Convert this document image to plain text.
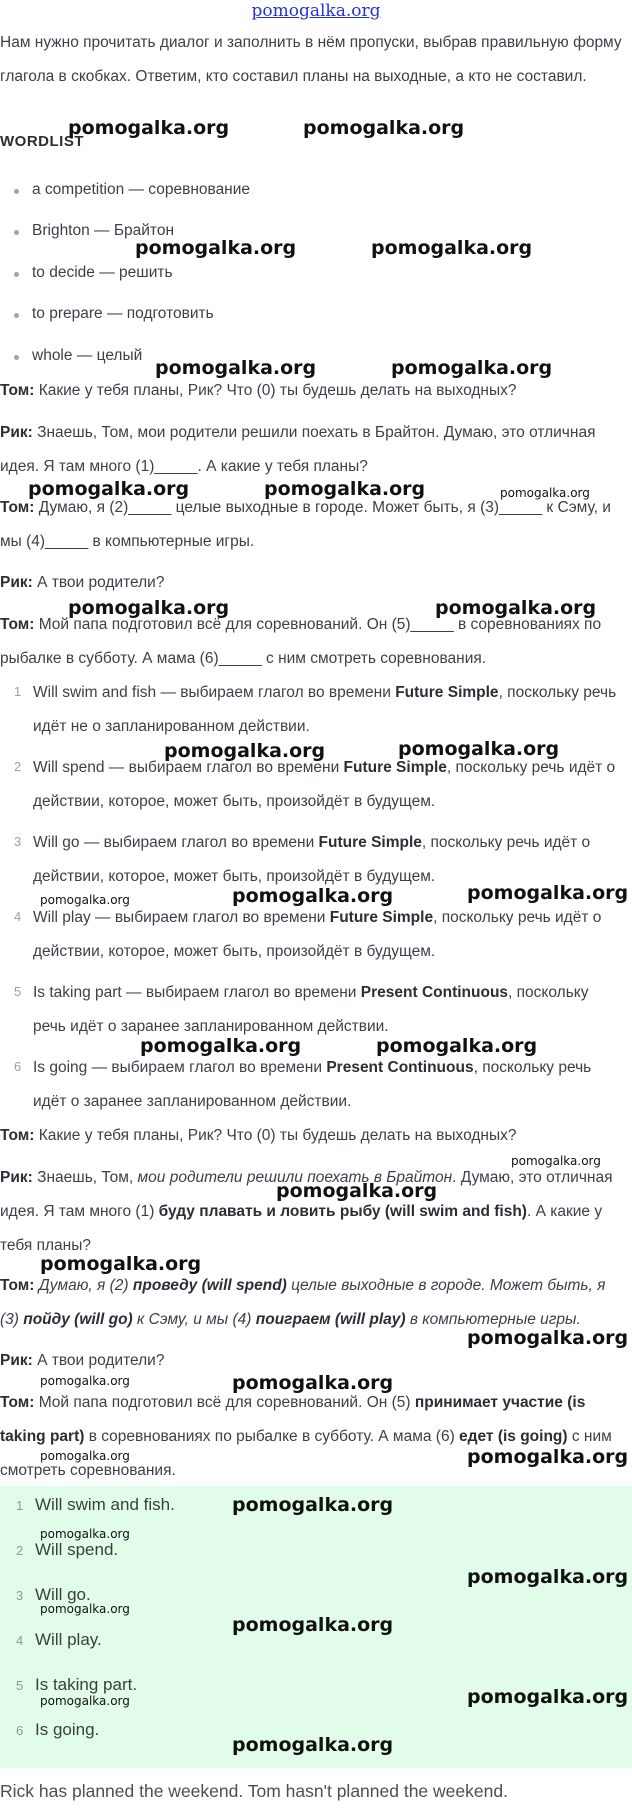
pomogalka.org
Нам нужно прочитать диалог и заполнить в нём пропуски, выбрав правильную форму глагола в скобках. Ответим, кто составил планы на выходные, а кто не составил.
WORDLIST
a competition — соревнование
Brighton — Брайтон
to decide — решить
to prepare — подготовить
whole — целый
Том: Какие у тебя планы, Рик? Что (0) ты будешь делать на выходных?
Рик: Знаешь, Том, мои родители решили поехать в Брайтон. Думаю, это отличная идея. Я там много (1)_____. А какие у тебя планы?
Том: Думаю, я (2)_____ целые выходные в городе. Может быть, я (3)_____ к Сэму, и мы (4)_____ в компьютерные игры.
Рик: А твои родители?
Том: Мой папа подготовил всё для соревнований. Он (5)_____ в соревнованиях по рыбалке в субботу. А мама (6)_____ с ним смотреть соревнования.
1 Will swim and fish — выбираем глагол во времени Future Simple, поскольку речь идёт не о запланированном действии.
2 Will spend — выбираем глагол во времени Future Simple, поскольку речь идёт о действии, которое, может быть, произойдёт в будущем.
3 Will go — выбираем глагол во времени Future Simple, поскольку речь идёт о действии, которое, может быть, произойдёт в будущем.
4 Will play — выбираем глагол во времени Future Simple, поскольку речь идёт о действии, которое, может быть, произойдёт в будущем.
5 Is taking part — выбираем глагол во времени Present Continuous, поскольку речь идёт о заранее запланированном действии.
6 Is going — выбираем глагол во времени Present Continuous, поскольку речь идёт о заранее запланированном действии.
Том: Какие у тебя планы, Рик? Что (0) ты будешь делать на выходных?
Рик: Знаешь, Том, мои родители решили поехать в Брайтон. Думаю, это отличная идея. Я там много (1) буду плавать и ловить рыбу (will swim and fish). А какие у тебя планы?
Том: Думаю, я (2) проведу (will spend) целые выходные в городе. Может быть, я (3) пойду (will go) к Сэму, и мы (4) поиграем (will play) в компьютерные игры.
Рик: А твои родители?
Том: Мой папа подготовил всё для соревнований. Он (5) принимает участие (is taking part) в соревнованиях по рыбалке в субботу. А мама (6) едет (is going) с ним смотреть соревнования.
1 Will swim and fish.
2 Will spend.
3 Will go.
4 Will play.
5 Is taking part.
6 Is going.
Rick has planned the weekend. Tom hasn't planned the weekend.
pomogalka.org	pomogalka.org
pomogalka.org	pomogalka.org
pomogalka.org	pomogalka.org
pomogalka.org	pomogalka.org	pomogalka.org
pomogalka.org	pomogalka.org
pomogalka.org
pomogalka.org
pomogalka.org	pomogalka.org	pomogalka.org
pomogalka.org	pomogalka.org
pomogalka.org
pomogalka.org
pomogalka.org
pomogalka.org
pomogalka.org	pomogalka.org
pomogalka.org	pomogalka.org
pomogalka.org
pomogalka.org
pomogalka.org
pomogalka.org
pomogalka.org
pomogalka.org	pomogalka.org
pomogalka.org
